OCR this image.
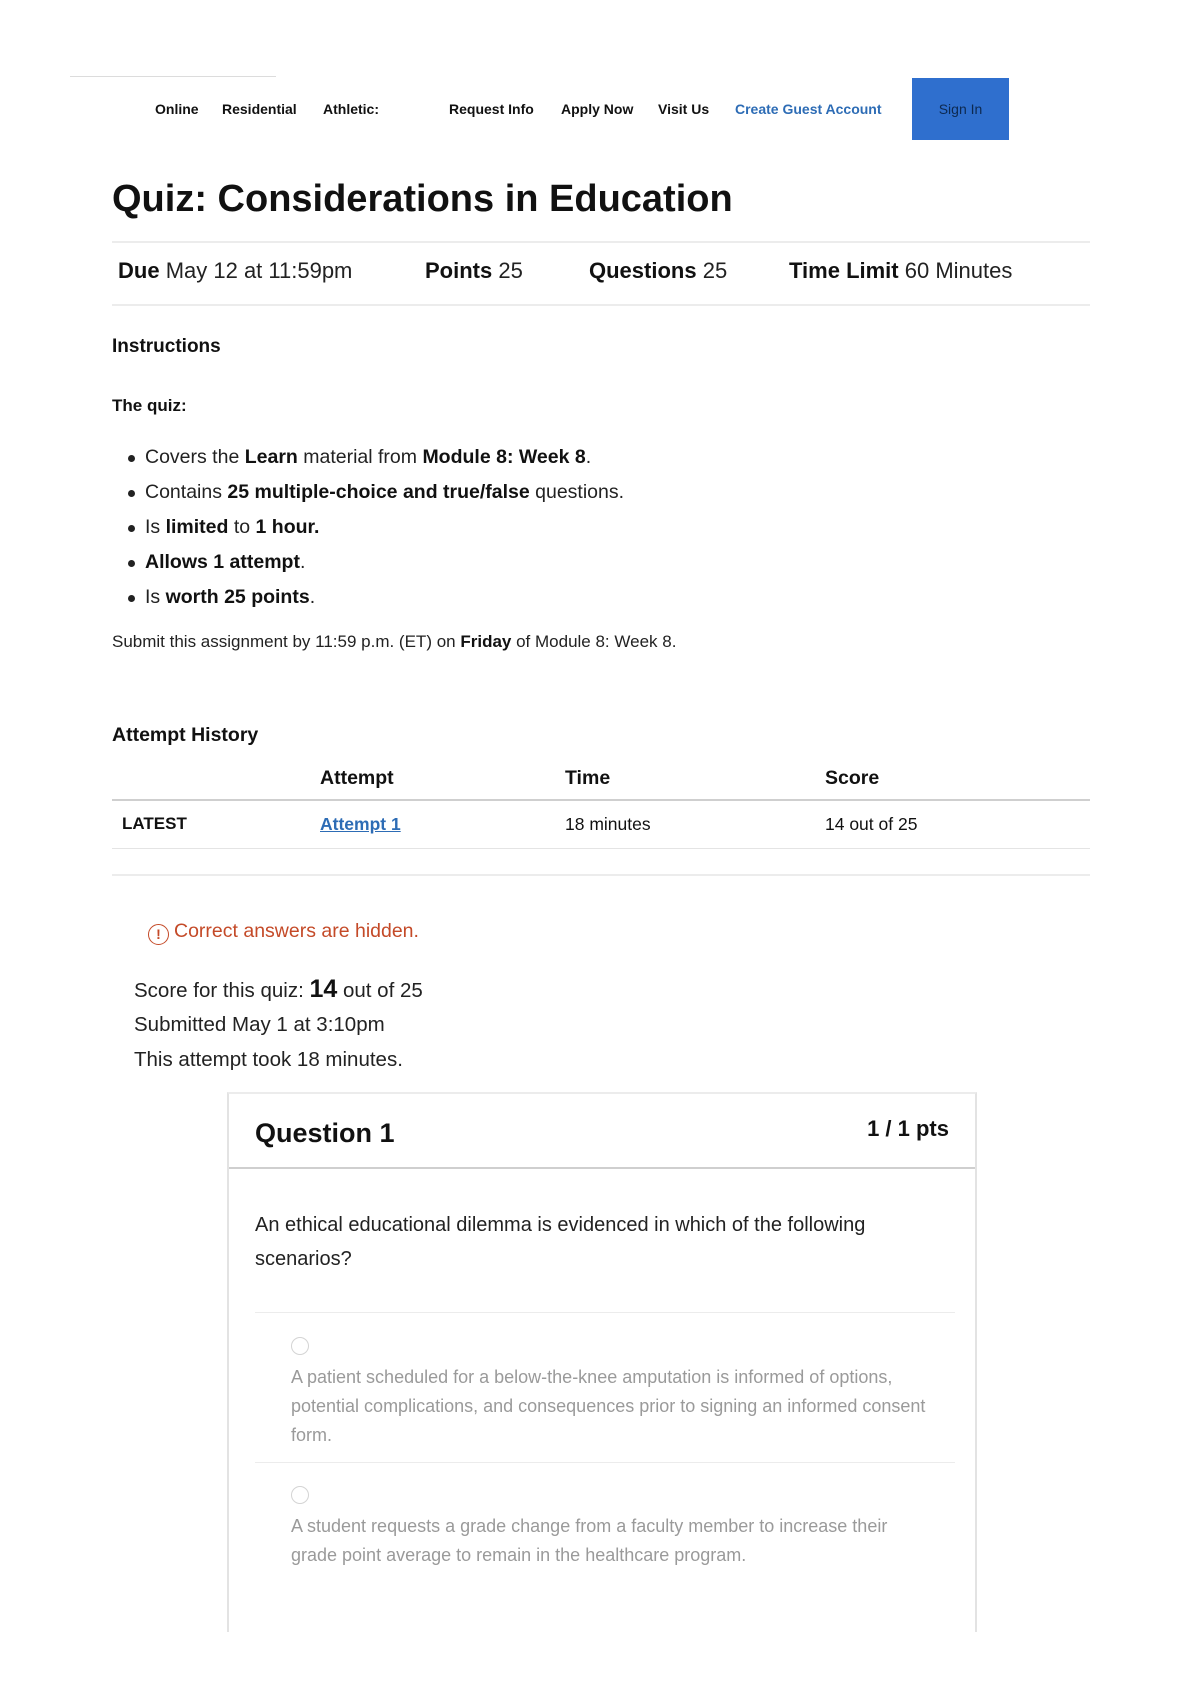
Online Residential Athletic:	Request Info Apply Now Visit Us Create Guest Account	Sign In
Quiz: Considerations in Education
Due May 12 at 11:59pm	Points 25	Questions 25	Time Limit 60 Minutes
Instructions
The quiz:
Covers the Learn material from Module 8: Week 8.
Contains 25 multiple-choice and true/false questions.
Is limited to 1 hour.
Allows 1 attempt.
Is worth 25 points.

Submit this assignment by 11:59 p.m. (ET) on Friday of Module 8: Week 8.

Attempt History
	Attempt	Time	Score
LATEST	Attempt 1	18 minutes	14 out of 25
! Correct answers are hidden.
Score for this quiz: 14 out of 25
Submitted May 1 at 3:10pm
This attempt took 18 minutes.
Question 1	1 / 1 pts

An ethical educational dilemma is evidenced in which of the following scenarios?

A patient scheduled for a below-the-knee amputation is informed of options, potential complications, and consequences prior to signing an informed consent form.
A student requests a grade change from a faculty member to increase their grade point average to remain in the healthcare program.
